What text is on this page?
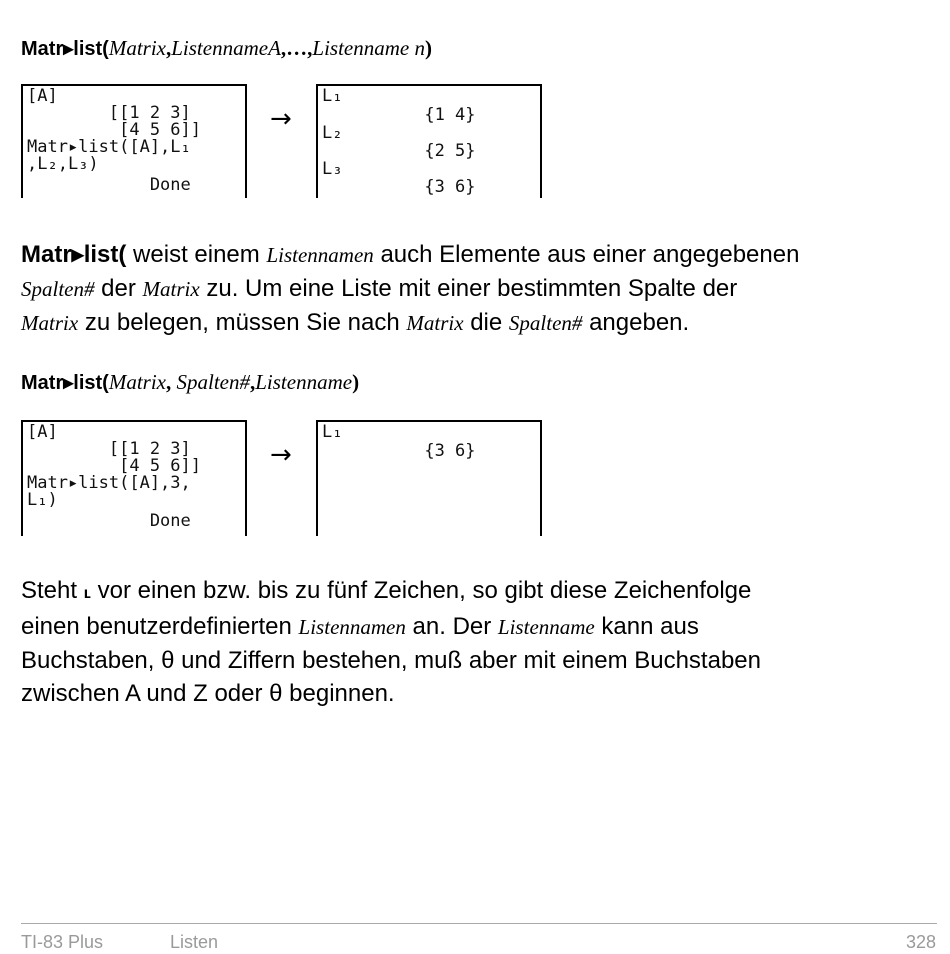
Matr▸list(Matrix,ListennameA,…,Listenname n)
[A]
[[1 2 3]
[4 5 6]]
Matr▸list([A],L₁
,L₂,L₃)
Done
→
L₁
{1 4}
L₂
{2 5}
L₃
{3 6}
Matr▸list( weist einem Listennamen auch Elemente aus einer angegebenen
Spalten# der Matrix zu. Um eine Liste mit einer bestimmten Spalte der
Matrix zu belegen, müssen Sie nach Matrix die Spalten# angeben.
Matr▸list(Matrix, Spalten#,Listenname)
[A]
[[1 2 3]
[4 5 6]]
Matr▸list([A],3,
L₁)
Done
→
L₁
{3 6}
Steht ʟ vor einen bzw. bis zu fünf Zeichen, so gibt diese Zeichenfolge
einen benutzerdefinierten Listennamen an. Der Listenname kann aus
Buchstaben, θ und Ziffern bestehen, muß aber mit einem Buchstaben
zwischen A und Z oder θ beginnen.
TI-83 Plus	Listen	328
